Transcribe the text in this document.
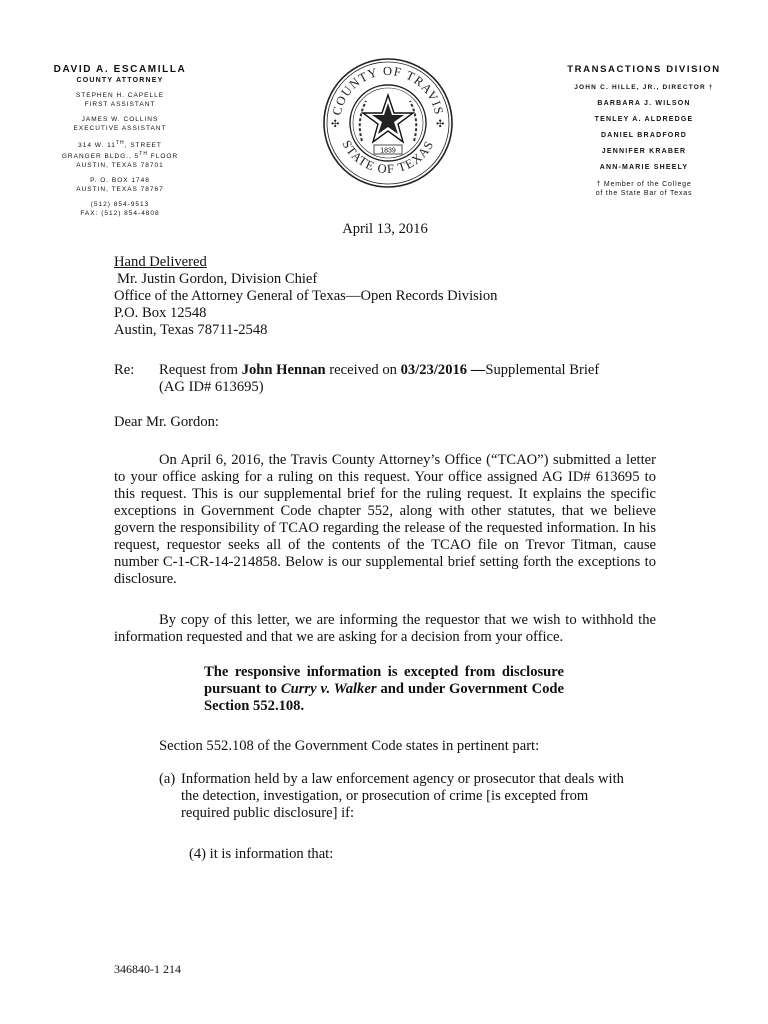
DAVID A. ESCAMILLA
COUNTY ATTORNEY
STEPHEN H. CAPELLE
FIRST ASSISTANT
JAMES W. COLLINS
EXECUTIVE ASSISTANT
314 W. 11TH, STREET
GRANGER BLDG., 5TH FLOOR
AUSTIN, TEXAS 78701
P. O. BOX 1748
AUSTIN, TEXAS 78767
(512) 854-9513
FAX: (512) 854-4808
COUNTY OF TRAVIS
STATE OF TEXAS
✣	✣
1839
TRANSACTIONS DIVISION
JOHN C. HILLE, JR., DIRECTOR †
BARBARA J. WILSON
TENLEY A. ALDREDGE
DANIEL BRADFORD
JENNIFER KRABER
ANN-MARIE SHEELY
† Member of the College
of the State Bar of Texas
April 13, 2016
Hand Delivered
Mr. Justin Gordon, Division Chief
Office of the Attorney General of Texas—Open Records Division
P.O. Box 12548
Austin, Texas 78711-2548
Re: Request from John Hennan received on 03/23/2016 —Supplemental Brief
(AG ID# 613695)
Dear Mr. Gordon:

On April 6, 2016, the Travis County Attorney’s Office (“TCAO”) submitted a letter to your office asking for a ruling on this request. Your office assigned AG ID# 613695 to this request. This is our supplemental brief for the ruling request. It explains the specific exceptions in Government Code chapter 552, along with other statutes, that we believe govern the responsibility of TCAO regarding the release of the requested information. In his request, requestor seeks all of the contents of the TCAO file on Trevor Titman, cause number C-1-CR-14-214858. Below is our supplemental brief setting forth the exceptions to disclosure.

By copy of this letter, we are informing the requestor that we wish to withhold the information requested and that we are asking for a decision from your office.

The responsive information is excepted from disclosure pursuant to Curry v. Walker and under Government Code Section 552.108.
Section 552.108 of the Government Code states in pertinent part:
(a) Information held by a law enforcement agency or prosecutor that deals with the detection, investigation, or prosecution of crime [is excepted from required public disclosure] if:
(4) it is information that:
346840-1 214
